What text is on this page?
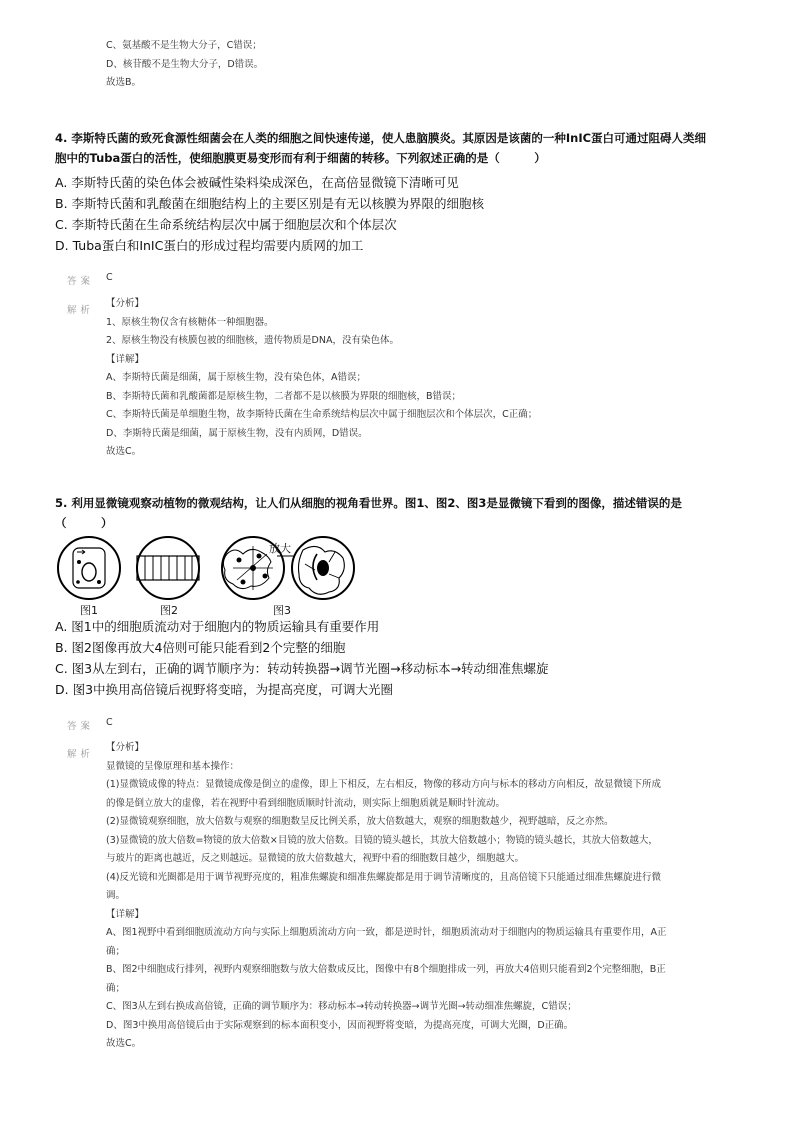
C、氨基酸不是生物大分子，C错误；
D、核苷酸不是生物大分子，D错误。
故选B。
4. 李斯特氏菌的致死食源性细菌会在人类的细胞之间快速传递，使人患脑膜炎。其原因是该菌的一种InIC蛋白可通过阻碍人类细
胞中的Tuba蛋白的活性，使细胞膜更易变形而有利于细菌的转移。下列叙述正确的是（　　　）
A. 李斯特氏菌的染色体会被碱性染料染成深色，在高倍显微镜下清晰可见
B. 李斯特氏菌和乳酸菌在细胞结构上的主要区别是有无以核膜为界限的细胞核
C. 李斯特氏菌在生命系统结构层次中属于细胞层次和个体层次
D. Tuba蛋白和InIC蛋白的形成过程均需要内质网的加工
答案 C
解析
【分析】
1、原核生物仅含有核糖体一种细胞器。
2、原核生物没有核膜包被的细胞核，遗传物质是DNA，没有染色体。
【详解】
A、李斯特氏菌是细菌，属于原核生物，没有染色体，A错误；
B、李斯特氏菌和乳酸菌都是原核生物，二者都不是以核膜为界限的细胞核，B错误；
C、李斯特氏菌是单细胞生物，故李斯特氏菌在生命系统结构层次中属于细胞层次和个体层次，C正确；
D、李斯特氏菌是细菌，属于原核生物，没有内质网，D错误。
故选C。
5. 利用显微镜观察动植物的微观结构，让人们从细胞的视角看世界。图1、图2、图3是显微镜下看到的图像，描述错误的是
（　　　）
放大
图1	图2	图3
A. 图1中的细胞质流动对于细胞内的物质运输具有重要作用
B. 图2图像再放大4倍则可能只能看到2个完整的细胞
C. 图3从左到右，正确的调节顺序为：转动转换器→调节光圈→移动标本→转动细准焦螺旋
D. 图3中换用高倍镜后视野将变暗，为提高亮度，可调大光圈
答案 C
解析
【分析】
显微镜的呈像原理和基本操作：
(1)显微镜成像的特点：显微镜成像是倒立的虚像，即上下相反，左右相反，物像的移动方向与标本的移动方向相反，故显微镜下所成
的像是倒立放大的虚像，若在视野中看到细胞质顺时针流动，则实际上细胞质就是顺时针流动。
(2)显微镜观察细胞，放大倍数与观察的细胞数呈反比例关系，放大倍数越大，观察的细胞数越少，视野越暗，反之亦然。
(3)显微镜的放大倍数=物镜的放大倍数×目镜的放大倍数。目镜的镜头越长，其放大倍数越小；物镜的镜头越长，其放大倍数越大，
与玻片的距离也越近，反之则越远。显微镜的放大倍数越大，视野中看的细胞数目越少，细胞越大。
(4)反光镜和光圈都是用于调节视野亮度的，粗准焦螺旋和细准焦螺旋都是用于调节清晰度的，且高倍镜下只能通过细准焦螺旋进行微
调。
【详解】
A、图1视野中看到细胞质流动方向与实际上细胞质流动方向一致，都是逆时针，细胞质流动对于细胞内的物质运输具有重要作用，A正
确；
B、图2中细胞成行排列，视野内观察细胞数与放大倍数成反比，图像中有8个细胞排成一列，再放大4倍则只能看到2个完整细胞，B正
确；
C、图3从左到右换成高倍镜，正确的调节顺序为：移动标本→转动转换器→调节光圈→转动细准焦螺旋，C错误；
D、图3中换用高倍镜后由于实际观察到的标本面积变小，因而视野将变暗，为提高亮度，可调大光圈，D正确。
故选C。
